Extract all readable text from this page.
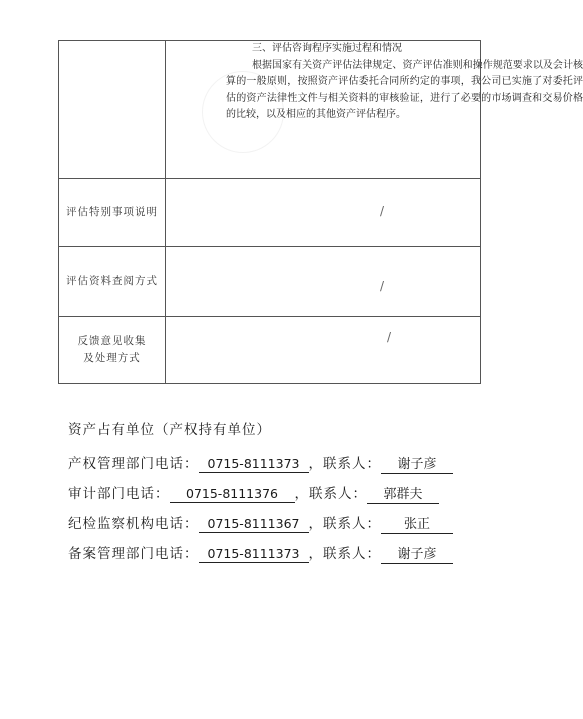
三、评估咨询程序实施过程和情况

根据国家有关资产评估法律规定、资产评估准则和操作规范要求以及会计核算的一般原则，按照资产评估委托合同所约定的事项，我公司已实施了对委托评估的资产法律性文件与相关资料的审核验证，进行了必要的市场调查和交易价格的比较，以及相应的其他资产评估程序。

评估特别事项说明	/
评估资料查阅方式	/
反馈意见收集
及处理方式
/
资产占有单位（产权持有单位）
产权管理部门电话： 0715-8111373 ，联系人： 谢子彦
审计部门电话： 0715-8111376 ，联系人： 郭群夫
纪检监察机构电话： 0715-8111367 ，联系人： 张正
备案管理部门电话： 0715-8111373 ，联系人： 谢子彦
